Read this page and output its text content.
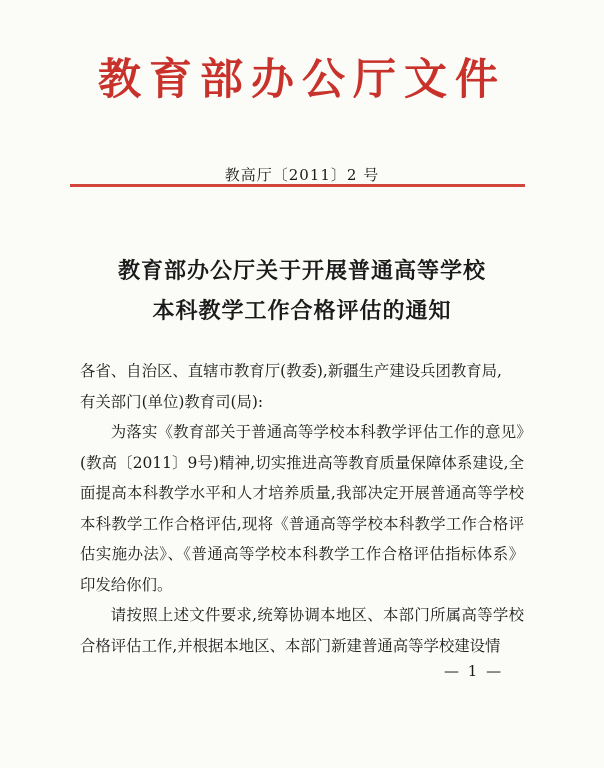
教育部办公厅文件
教高厅〔2011〕2 号
教育部办公厅关于开展普通高等学校
本科教学工作合格评估的通知

各省、自治区、直辖市教育厅(教委),新疆生产建设兵团教育局,

有关部门(单位)教育司(局):

为落实《教育部关于普通高等学校本科教学评估工作的意见》(教高〔2011〕9号)精神,切实推进高等教育质量保障体系建设,全面提高本科教学水平和人才培养质量,我部决定开展普通高等学校本科教学工作合格评估,现将《普通高等学校本科教学工作合格评估实施办法》、《普通高等学校本科教学工作合格评估指标体系》印发给你们。

请按照上述文件要求,统筹协调本地区、本部门所属高等学校合格评估工作,并根据本地区、本部门新建普通高等学校建设情

— 1 —
